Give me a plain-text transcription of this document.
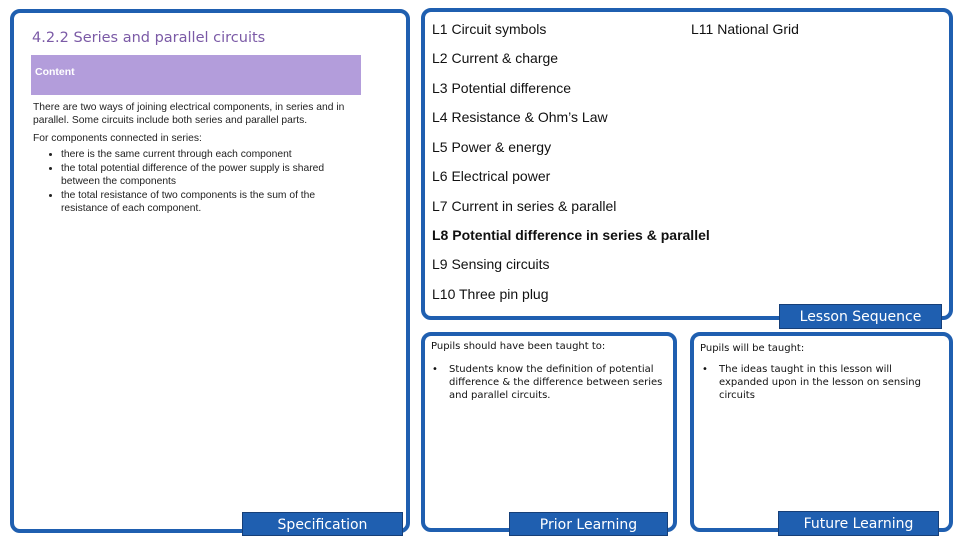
4.2.2 Series and parallel circuits
Content

There are two ways of joining electrical components, in series and in parallel. Some circuits include both series and parallel parts.

For components connected in series:
• there is the same current through each component
• the total potential difference of the power supply is shared between the components
• the total resistance of two components is the sum of the resistance of each component.
Specification
L1 Circuit symbols
L2 Current & charge
L3 Potential difference
L4 Resistance & Ohm’s Law
L5 Power & energy
L6 Electrical power
L7 Current in series & parallel
L8 Potential difference in series & parallel
L9 Sensing circuits
L10 Three pin plug
L11 National Grid
Lesson Sequence
Pupils should have been taught to:
• Students know the definition of potential difference & the difference between series and parallel circuits.
Prior Learning
Pupils will be taught:
• The ideas taught in this lesson will expanded upon in the lesson on sensing circuits
Future Learning
